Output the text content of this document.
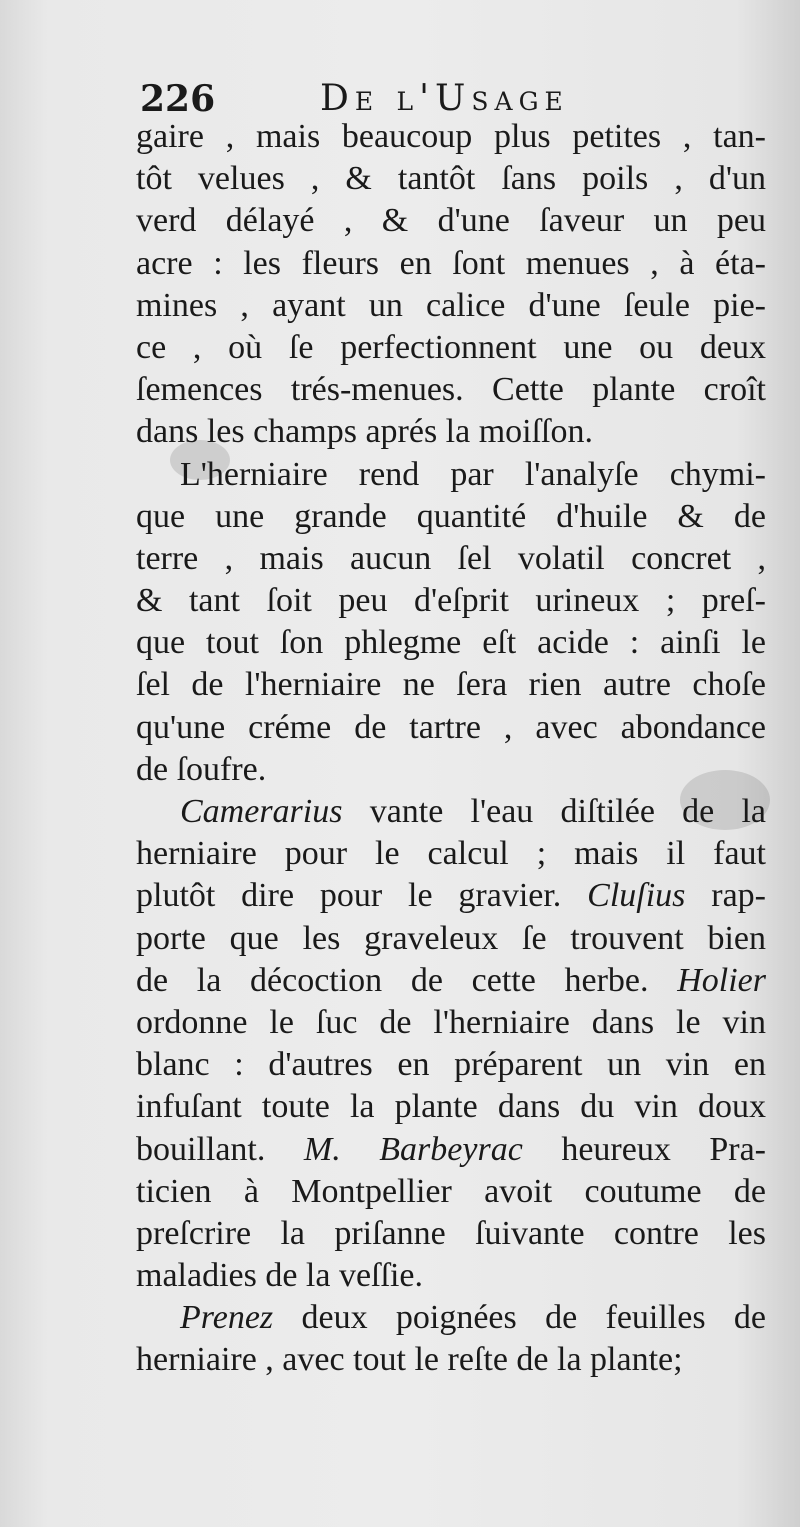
226	De l'Usage
gaire , mais beaucoup plus petites , tan-
tôt velues , & tantôt ſans poils , d'un
verd délayé , & d'une ſaveur un peu
acre : les fleurs en ſont menues , à éta-
mines , ayant un calice d'une ſeule pie-
ce , où ſe perfectionnent une ou deux
ſemences trés-menues. Cette plante croît
dans les champs aprés la moiſſon.
L'herniaire rend par l'analyſe chymi-
que une grande quantité d'huile & de
terre , mais aucun ſel volatil concret ,
& tant ſoit peu d'eſprit urineux ; preſ-
que tout ſon phlegme eſt acide : ainſi le
ſel de l'herniaire ne ſera rien autre choſe
qu'une créme de tartre , avec abondance
de ſoufre.
Camerarius vante l'eau diſtilée de la
herniaire pour le calcul ; mais il faut
plutôt dire pour le gravier. Cluſius rap-
porte que les graveleux ſe trouvent bien
de la décoction de cette herbe. Holier
ordonne le ſuc de l'herniaire dans le vin
blanc : d'autres en préparent un vin en
infuſant toute la plante dans du vin doux
bouillant. M. Barbeyrac heureux Pra-
ticien à Montpellier avoit coutume de
preſcrire la priſanne ſuivante contre les
maladies de la veſſie.
Prenez deux poignées de feuilles de
herniaire , avec tout le reſte de la plante;
